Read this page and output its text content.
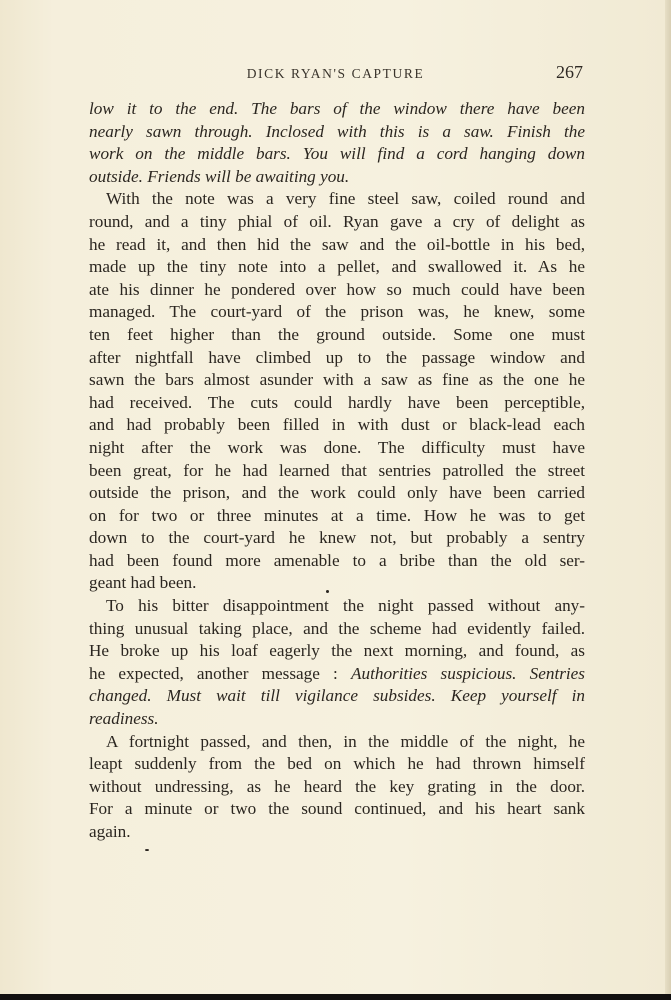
DICK RYAN'S CAPTURE	267
low it to the end. The bars of the window there have been
nearly sawn through. Inclosed with this is a saw. Finish the
work on the middle bars. You will find a cord hanging down
outside. Friends will be awaiting you.
With the note was a very fine steel saw, coiled round and
round, and a tiny phial of oil. Ryan gave a cry of delight as
he read it, and then hid the saw and the oil-bottle in his bed,
made up the tiny note into a pellet, and swallowed it. As he
ate his dinner he pondered over how so much could have been
managed. The court-yard of the prison was, he knew, some
ten feet higher than the ground outside. Some one must
after nightfall have climbed up to the passage window and
sawn the bars almost asunder with a saw as fine as the one he
had received. The cuts could hardly have been perceptible,
and had probably been filled in with dust or black-lead each
night after the work was done. The difficulty must have
been great, for he had learned that sentries patrolled the street
outside the prison, and the work could only have been carried
on for two or three minutes at a time. How he was to get
down to the court-yard he knew not, but probably a sentry
had been found more amenable to a bribe than the old ser-
geant had been.
To his bitter disappointment the night passed without any-
thing unusual taking place, and the scheme had evidently failed.
He broke up his loaf eagerly the next morning, and found, as
he expected, another message : Authorities suspicious. Sentries
changed. Must wait till vigilance subsides. Keep yourself in
readiness.
A fortnight passed, and then, in the middle of the night, he
leapt suddenly from the bed on which he had thrown himself
without undressing, as he heard the key grating in the door.
For a minute or two the sound continued, and his heart sank
again.
